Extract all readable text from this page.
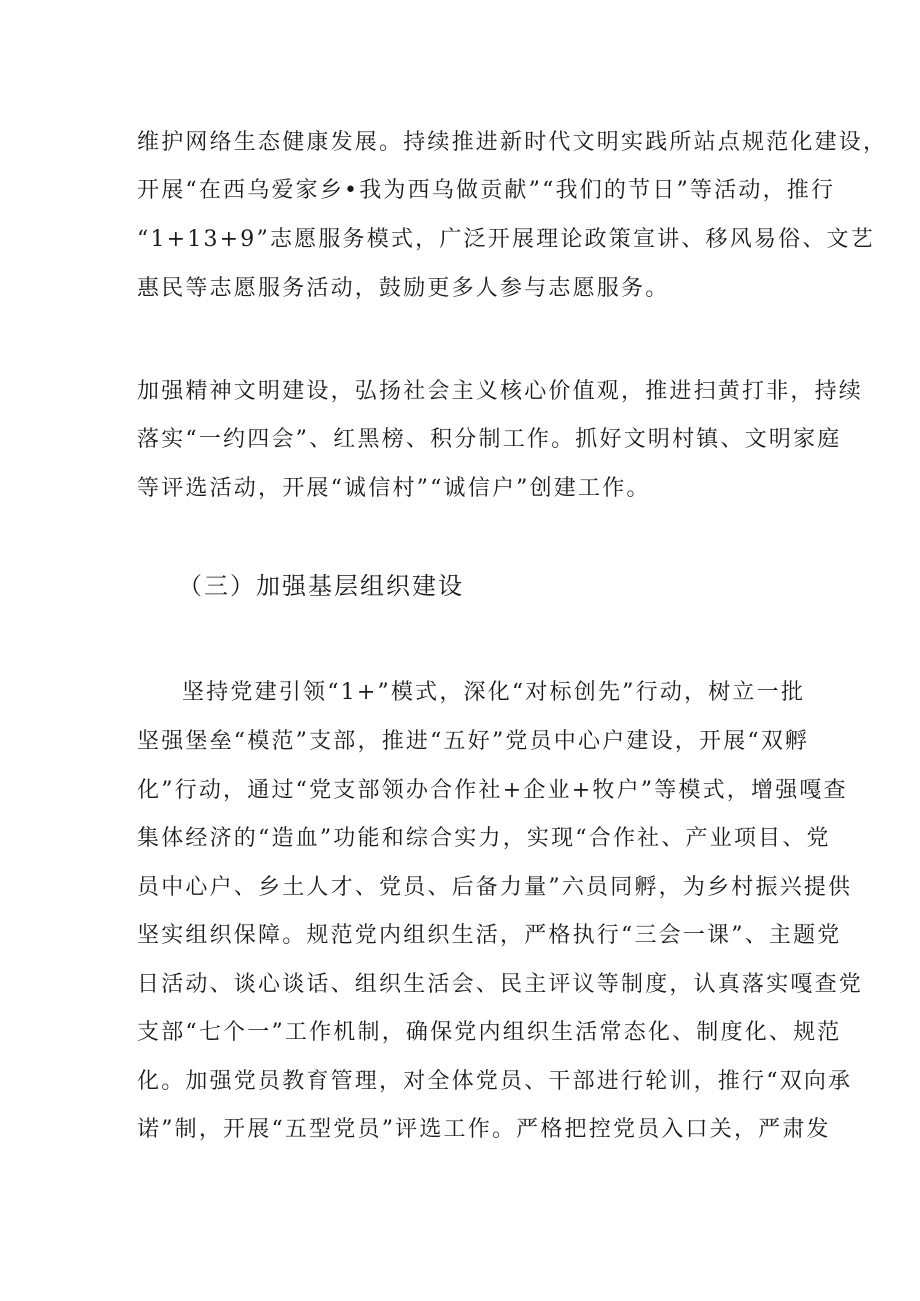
维护网络生态健康发展。持续推进新时代文明实践所站点规范化建设，
开展“在西乌爱家乡•我为西乌做贡献”“我们的节日”等活动，推行
“1+13+9”志愿服务模式，广泛开展理论政策宣讲、移风易俗、文艺
惠民等志愿服务活动，鼓励更多人参与志愿服务。
加强精神文明建设，弘扬社会主义核心价值观，推进扫黄打非，持续
落实“一约四会”、红黑榜、积分制工作。抓好文明村镇、文明家庭
等评选活动，开展“诚信村”“诚信户”创建工作。
（三）加强基层组织建设
坚持党建引领“1+”模式，深化“对标创先”行动，树立一批
坚强堡垒“模范”支部，推进“五好”党员中心户建设，开展“双孵
化”行动，通过“党支部领办合作社+企业+牧户”等模式，增强嘎查
集体经济的“造血”功能和综合实力，实现“合作社、产业项目、党
员中心户、乡土人才、党员、后备力量”六员同孵，为乡村振兴提供
坚实组织保障。规范党内组织生活，严格执行“三会一课”、主题党
日活动、谈心谈话、组织生活会、民主评议等制度，认真落实嘎查党
支部“七个一”工作机制，确保党内组织生活常态化、制度化、规范
化。加强党员教育管理，对全体党员、干部进行轮训，推行“双向承
诺”制，开展“五型党员”评选工作。严格把控党员入口关，严肃发
